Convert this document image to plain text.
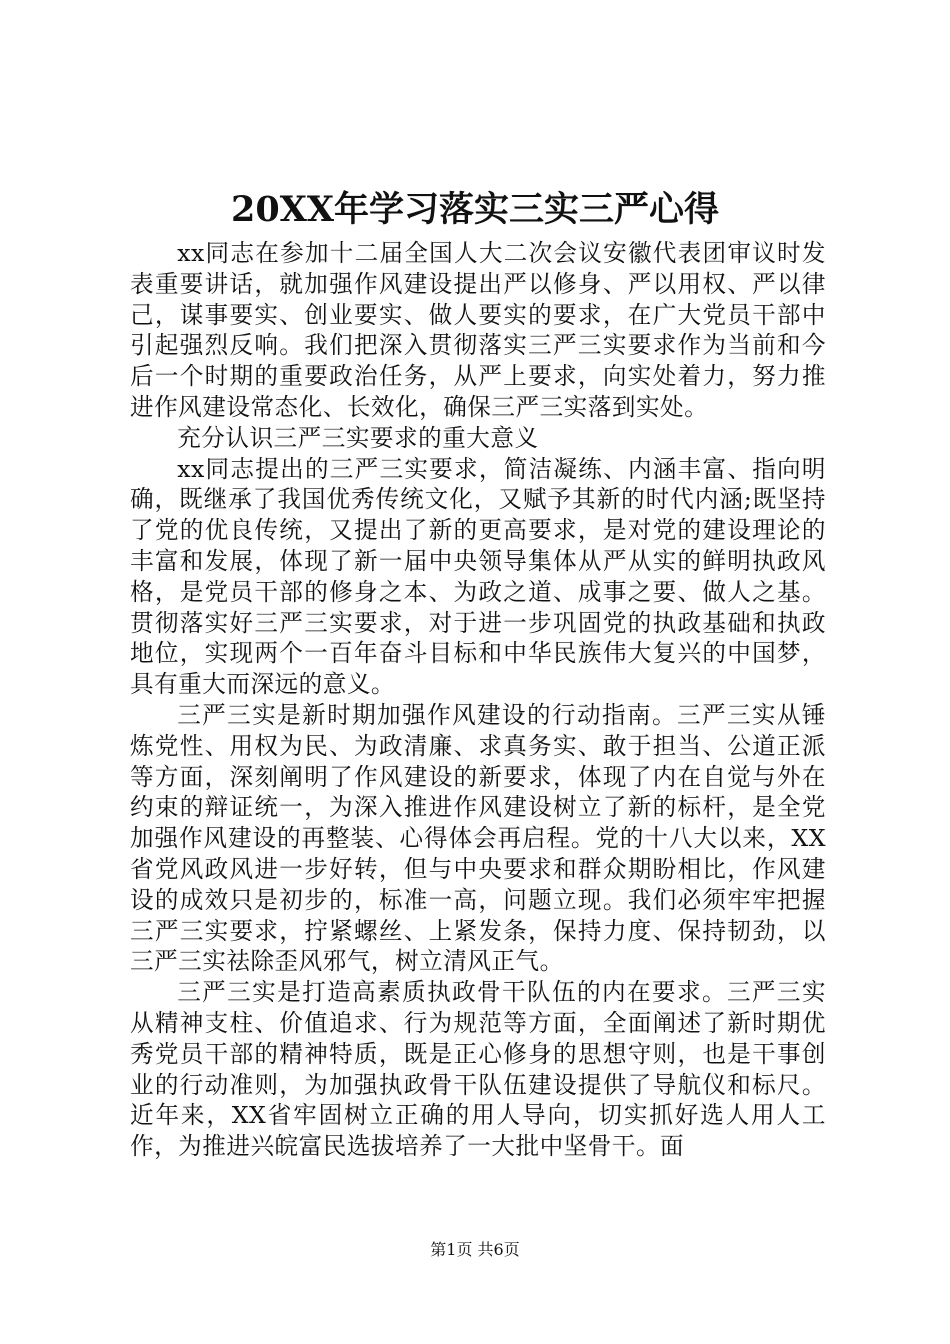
20XX年学习落实三实三严心得

xx同志在参加十二届全国人大二次会议安徽代表团审议时发表重要讲话，就加强作风建设提出严以修身、严以用权、严以律己，谋事要实、创业要实、做人要实的要求，在广大党员干部中引起强烈反响。我们把深入贯彻落实三严三实要求作为当前和今后一个时期的重要政治任务，从严上要求，向实处着力，努力推进作风建设常态化、长效化，确保三严三实落到实处。

充分认识三严三实要求的重大意义

xx同志提出的三严三实要求，简洁凝练、内涵丰富、指向明确，既继承了我国优秀传统文化，又赋予其新的时代内涵;既坚持了党的优良传统，又提出了新的更高要求，是对党的建设理论的丰富和发展，体现了新一届中央领导集体从严从实的鲜明执政风格，是党员干部的修身之本、为政之道、成事之要、做人之基。贯彻落实好三严三实要求，对于进一步巩固党的执政基础和执政地位，实现两个一百年奋斗目标和中华民族伟大复兴的中国梦，具有重大而深远的意义。

三严三实是新时期加强作风建设的行动指南。三严三实从锤炼党性、用权为民、为政清廉、求真务实、敢于担当、公道正派等方面，深刻阐明了作风建设的新要求，体现了内在自觉与外在约束的辩证统一，为深入推进作风建设树立了新的标杆，是全党加强作风建设的再整装、心得体会再启程。党的十八大以来，XX省党风政风进一步好转，但与中央要求和群众期盼相比，作风建设的成效只是初步的，标准一高，问题立现。我们必须牢牢把握三严三实要求，拧紧螺丝、上紧发条，保持力度、保持韧劲，以三严三实祛除歪风邪气，树立清风正气。

三严三实是打造高素质执政骨干队伍的内在要求。三严三实从精神支柱、价值追求、行为规范等方面，全面阐述了新时期优秀党员干部的精神特质，既是正心修身的思想守则，也是干事创业的行动准则，为加强执政骨干队伍建设提供了导航仪和标尺。近年来，XX省牢固树立正确的用人导向，切实抓好选人用人工作，为推进兴皖富民选拔培养了一大批中坚骨干。面

第1页 共6页
